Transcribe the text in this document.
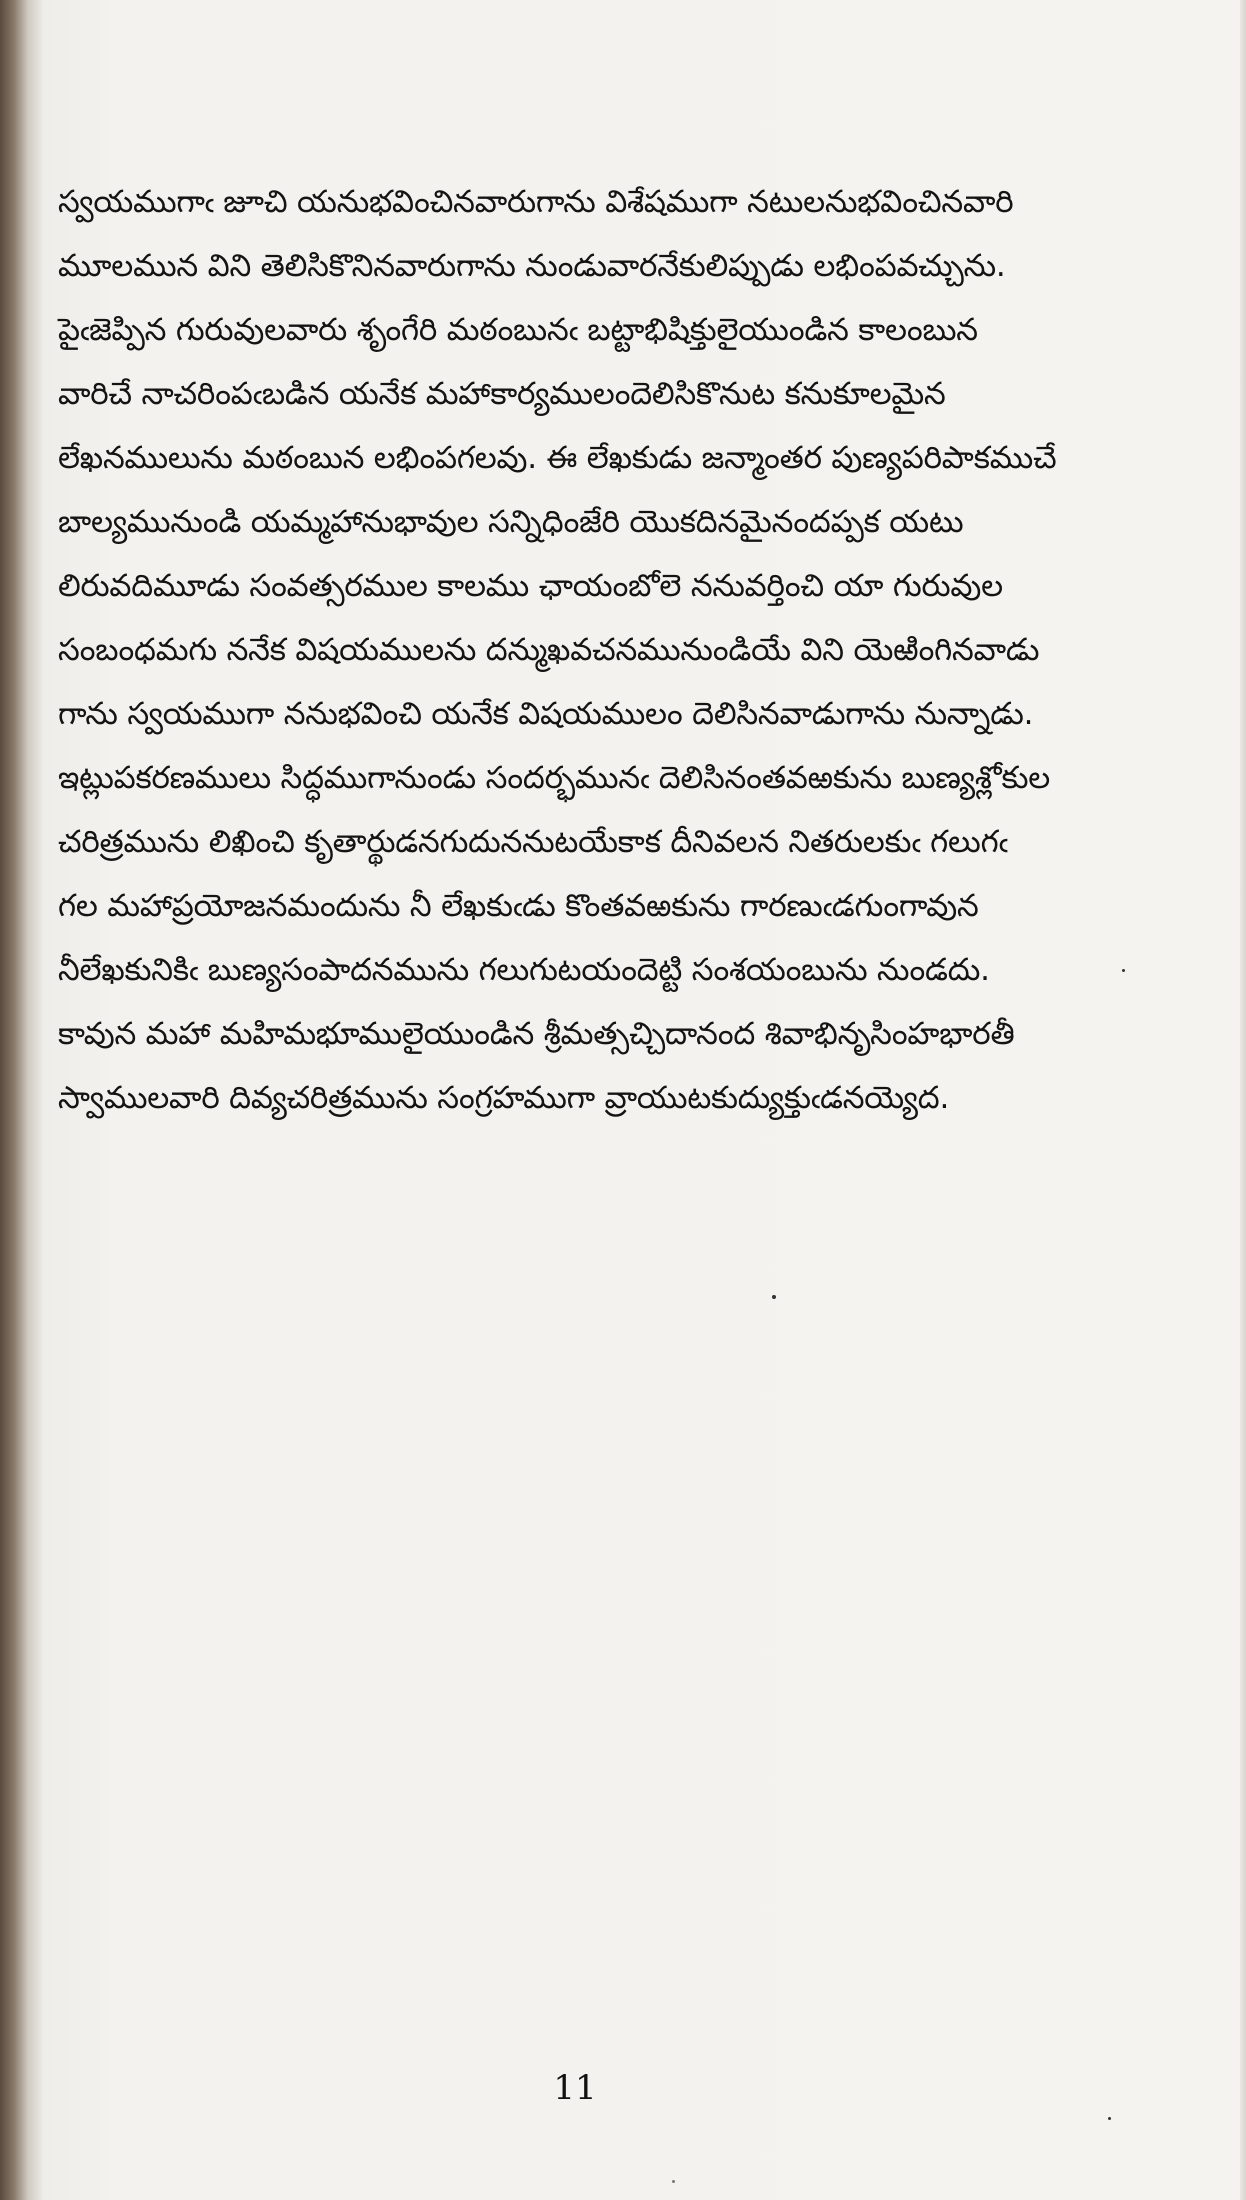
స్వయముగాఁ జూచి యనుభవించినవారుగాను విశేషముగా నటులనుభవించినవారి
మూలమున విని తెలిసికొనినవారుగాను నుండువారనేకులిప్పుడు లభింపవచ్చును.
పైఁజెప్పిన గురువులవారు శృంగేరి మఠంబునఁ బట్టాభిషిక్తులైయుండిన కాలంబున
వారిచే నాచరింపఁబడిన యనేక మహాకార్యములందెలిసికొనుట కనుకూలమైన
లేఖనములును మఠంబున లభింపగలవు. ఈ లేఖకుడు జన్మాంతర పుణ్యపరిపాకముచే
బాల్యమునుండి యమ్మహానుభావుల సన్నిధింజేరి యొకదినమైనందప్పక యటు
లిరువదిమూడు సంవత్సరముల కాలము ఛాయంబోలె ననువర్తించి యా గురువుల
సంబంధమగు ననేక విషయములను దన్ముఖవచనమునుండియే విని యెఱింగినవాడు
గాను స్వయముగా ననుభవించి యనేక విషయములం దెలిసినవాడుగాను నున్నాడు.
ఇట్లుపకరణములు సిద్ధముగానుండు సందర్భమునఁ దెలిసినంతవఱకును బుణ్యశ్లోకుల
చరిత్రమును లిఖించి కృతార్థుడనగుదుననుటయేకాక దీనివలన నితరులకుఁ గలుగఁ
గల మహాప్రయోజనమందును నీ లేఖకుఁడు కొంతవఱకును గారణుఁడగుంగావున
నీలేఖకునికిఁ బుణ్యసంపాదనమును గలుగుటయందెట్టి సంశయంబును నుండదు.
కావున మహా మహిమభూములైయుండిన శ్రీమత్సచ్చిదానంద శివాభినృసింహభారతీ
స్వాములవారి దివ్యచరిత్రమును సంగ్రహముగా వ్రాయుటకుద్యుక్తుఁడనయ్యెద.
11
